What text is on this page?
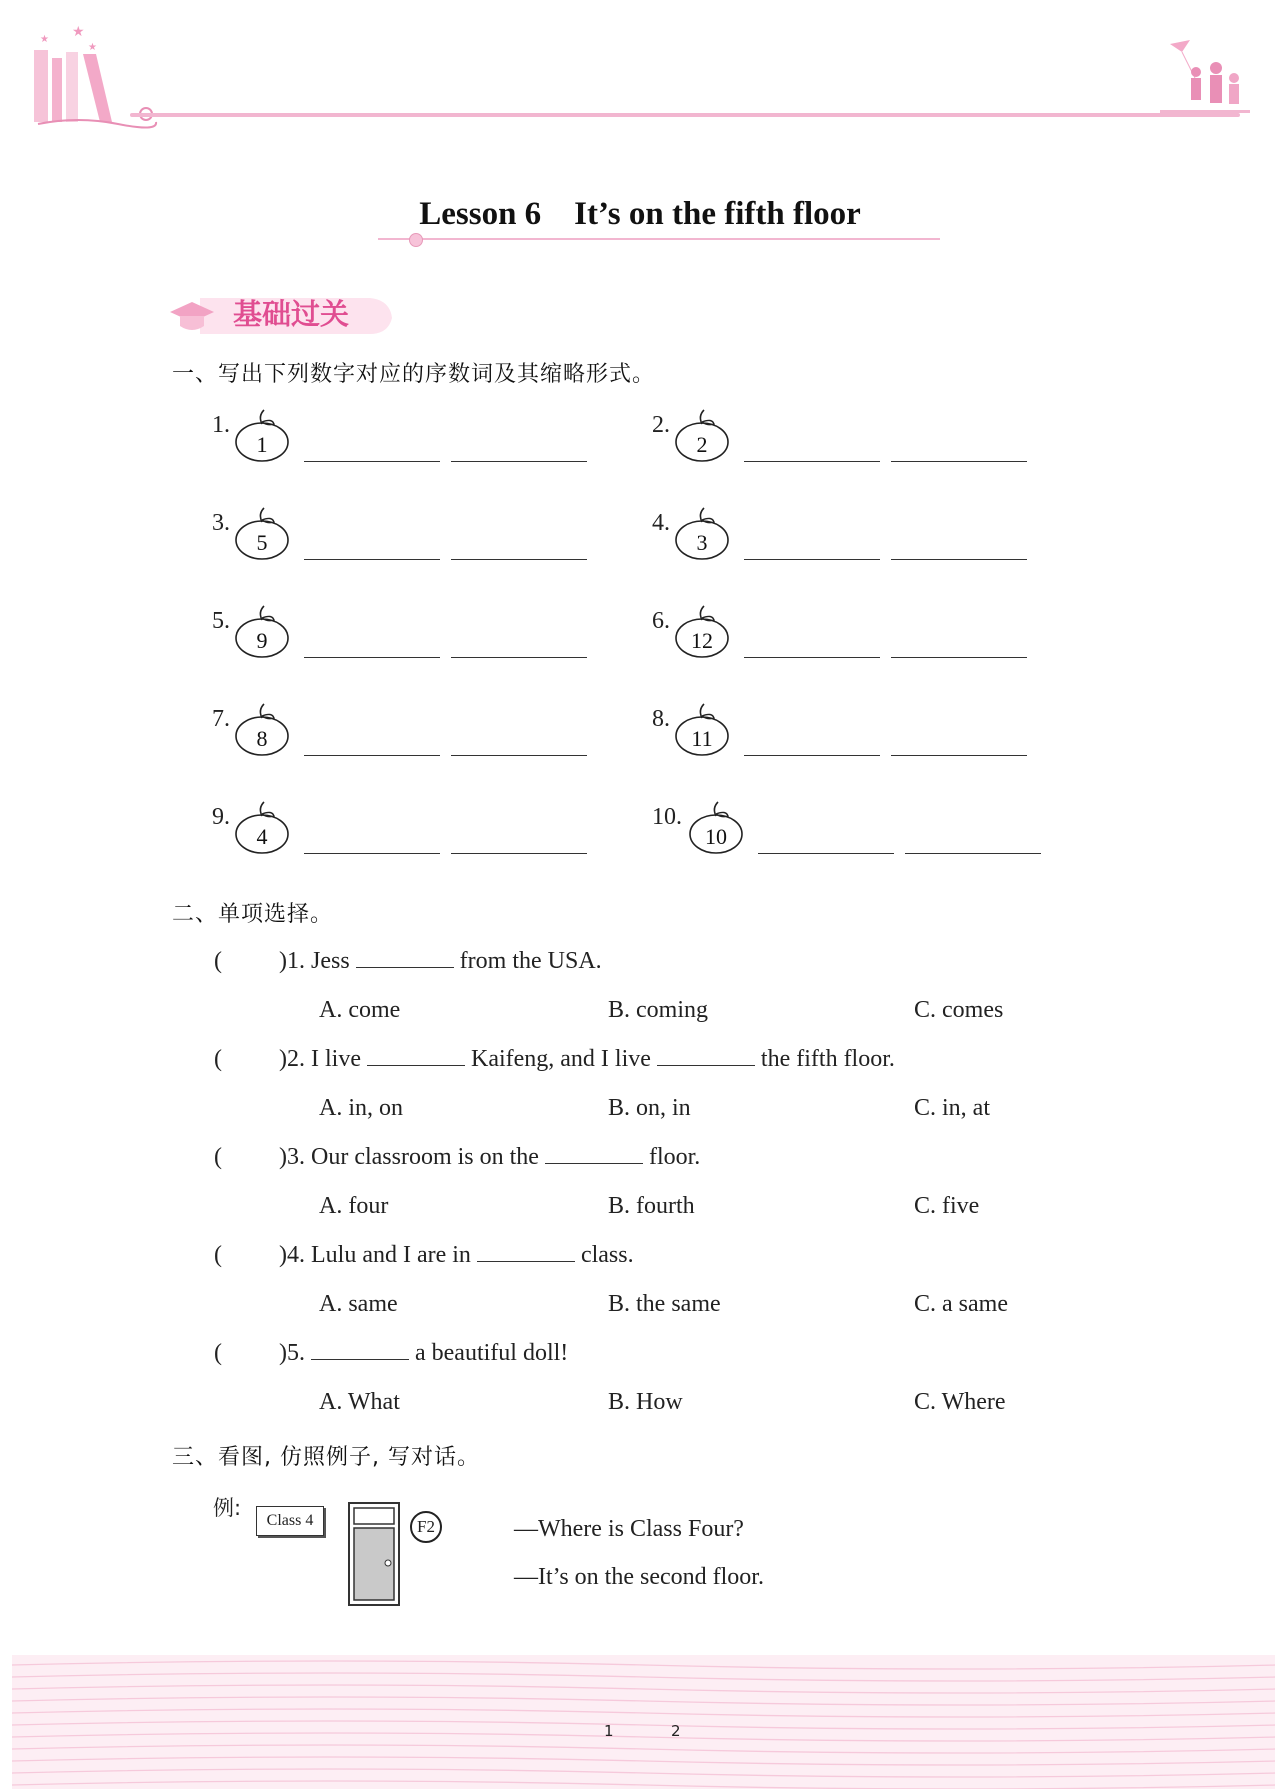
★
★
★
Lesson 6    It’s on the fifth floor
基础过关
一、写出下列数字对应的序数词及其缩略形式。
1.
1
2.
2
3.
5
4.
3
5.
9
6.
12
7.
8
8.
11
9.
4
10.
10
二、单项选择。
( )1. Jess	from the USA.
A. come	B. coming	C. comes
( )2. I live	Kaifeng, and I live	the fifth floor.
A. in, on	B. on, in	C. in, at
( )3. Our classroom is on the	floor.
A. four	B. fourth	C. five
( )4. Lulu and I are in	class.
A. same	B. the same	C. a same
( )5.	a beautiful doll!
A. What	B. How	C. Where
三、看图, 仿照例子, 写对话。
例:
Class 4	F2	—Where is Class Four?
—It’s on the second floor.
1	2
